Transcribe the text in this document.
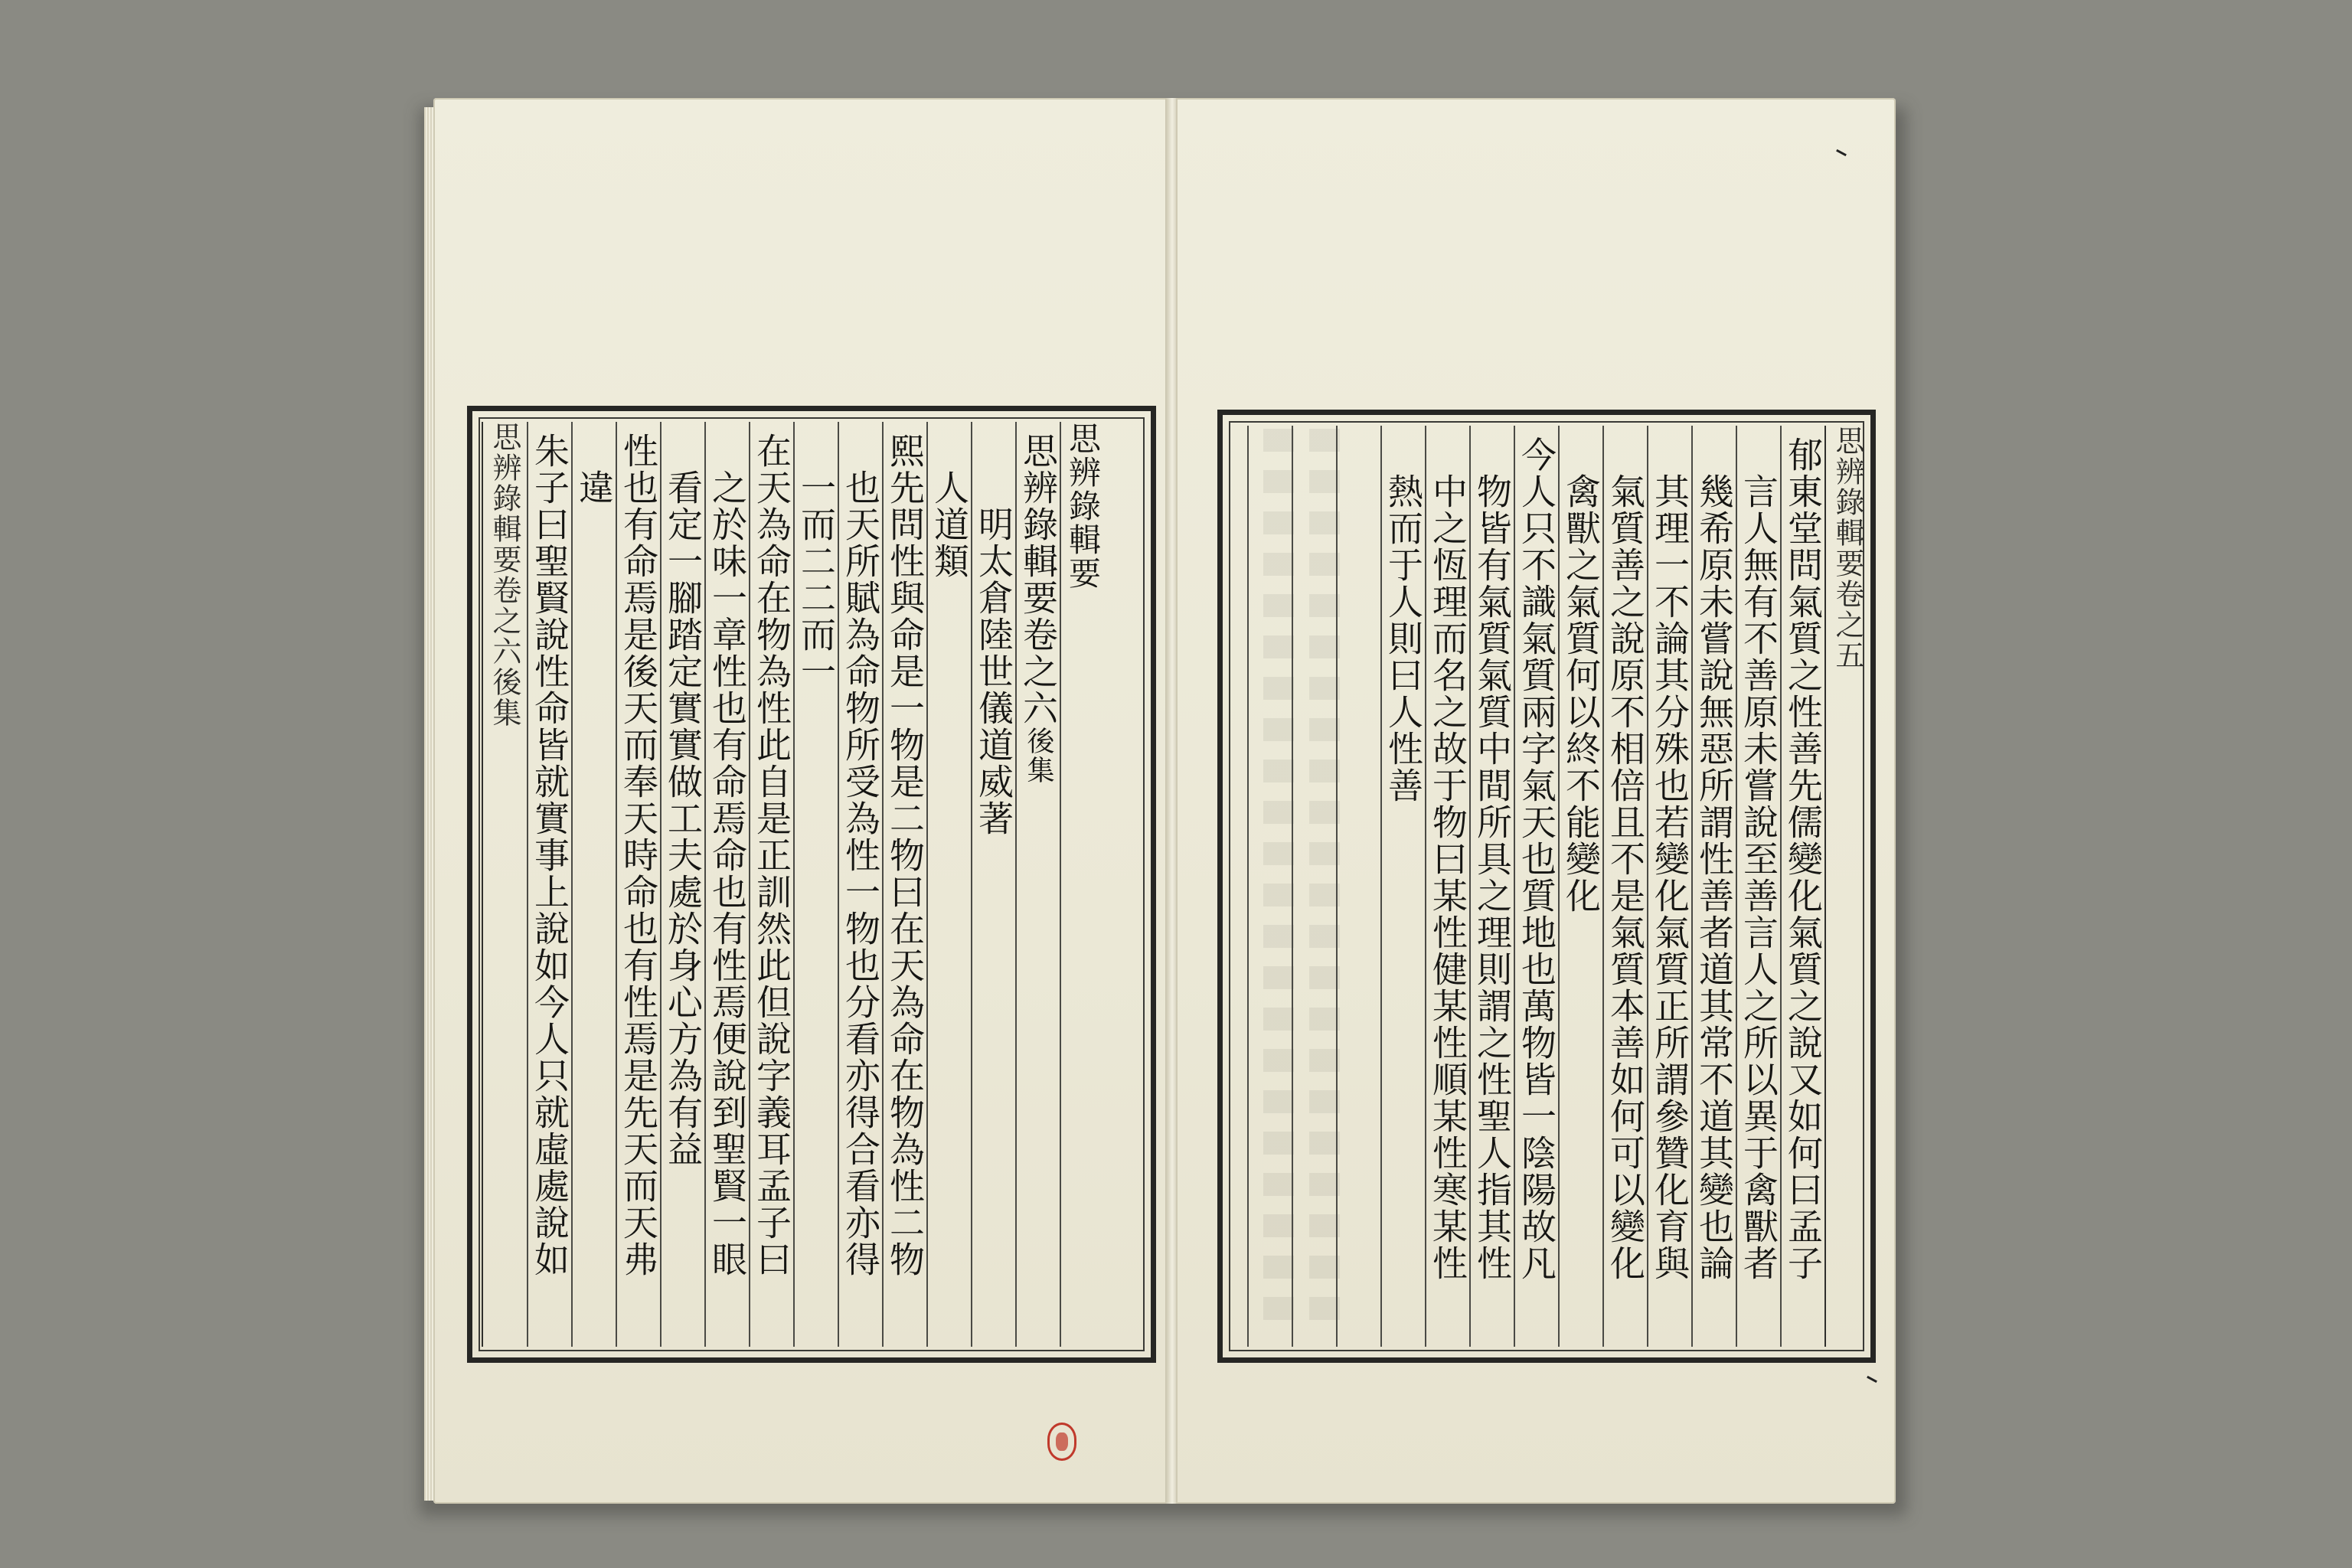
思辨錄輯要
思辨錄輯要卷之六後集
明太倉陸世儀道威著
人道類
熙先問性與命是一物是二物曰在天為命在物為性二物
也天所賦為命物所受為性一物也分看亦得合看亦得
一而二二而一
在天為命在物為性此自是正訓然此但說字義耳孟子曰
之於味一章性也有命焉命也有性焉便說到聖賢一眼
看定一腳踏定實實做工夫處於身心方為有益
性也有命焉是後天而奉天時命也有性焉是先天而天弗
違
朱子曰聖賢說性命皆就實事上說如今人只就虛處說如
思辨錄輯要卷之六後集
思辨錄輯要卷之五
郁東堂問氣質之性善先儒變化氣質之說又如何曰孟子
言人無有不善原未嘗說至善言人之所以異于禽獸者
幾希原未嘗說無惡所謂性善者道其常不道其變也論
其理一不論其分殊也若變化氣質正所謂參贊化育與
氣質善之說原不相倍且不是氣質本善如何可以變化
禽獸之氣質何以終不能變化
今人只不識氣質兩字氣天也質地也萬物皆一陰陽故凡
物皆有氣質氣質中間所具之理則謂之性聖人指其性
中之恆理而名之故于物曰某性健某性順某性寒某性
熱而于人則曰人性善
